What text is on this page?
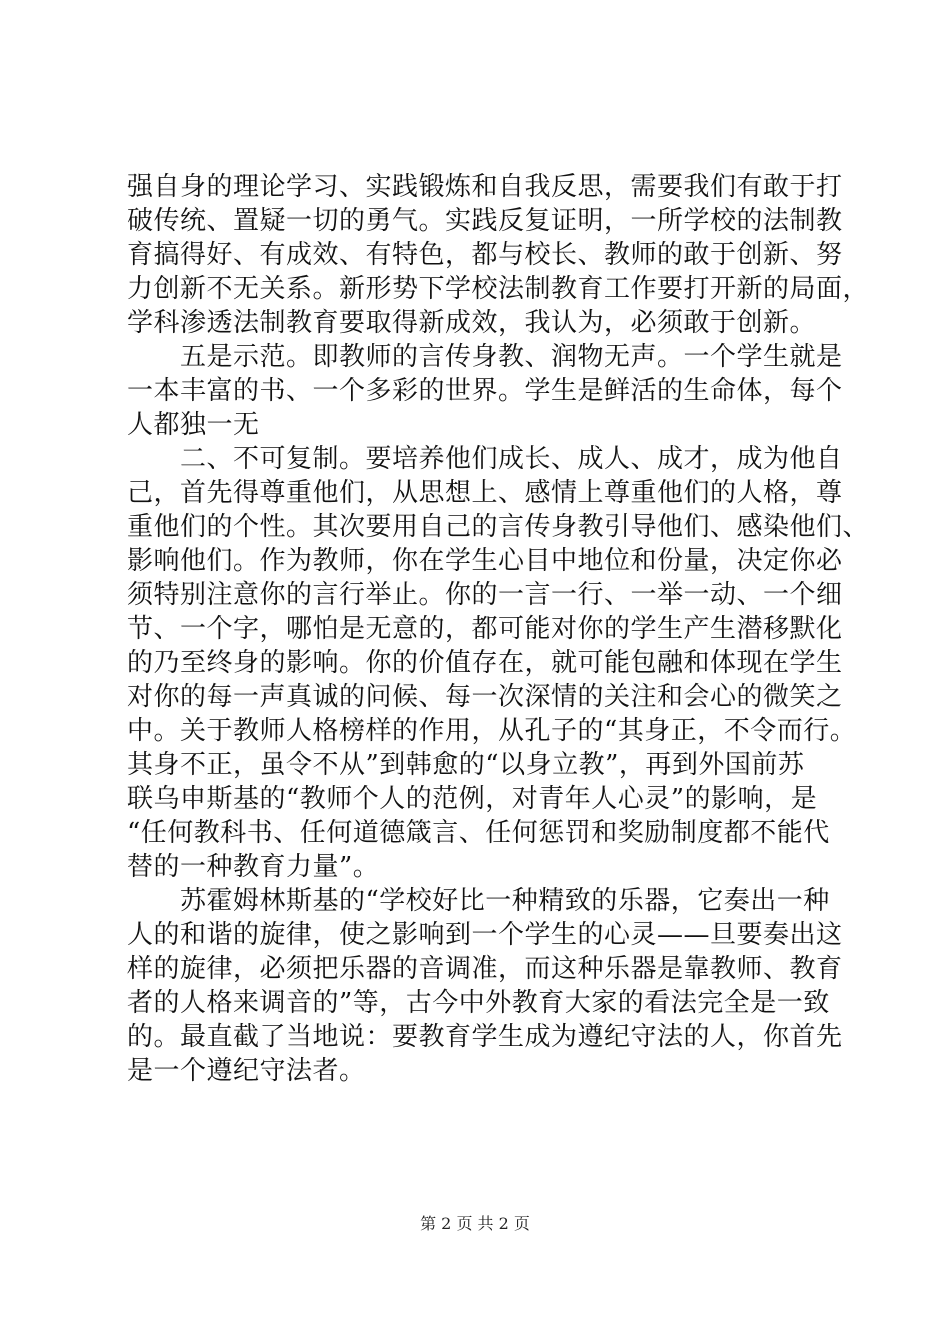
强自身的理论学习、实践锻炼和自我反思，需要我们有敢于打
破传统、置疑一切的勇气。实践反复证明，一所学校的法制教
育搞得好、有成效、有特色，都与校长、教师的敢于创新、努
力创新不无关系。新形势下学校法制教育工作要打开新的局面，
学科渗透法制教育要取得新成效，我认为，必须敢于创新。
　　五是示范。即教师的言传身教、润物无声。一个学生就是
一本丰富的书、一个多彩的世界。学生是鲜活的生命体，每个
人都独一无
　　二、不可复制。要培养他们成长、成人、成才，成为他自
己，首先得尊重他们，从思想上、感情上尊重他们的人格，尊
重他们的个性。其次要用自己的言传身教引导他们、感染他们、
影响他们。作为教师，你在学生心目中地位和份量，决定你必
须特别注意你的言行举止。你的一言一行、一举一动、一个细
节、一个字，哪怕是无意的，都可能对你的学生产生潜移默化
的乃至终身的影响。你的价值存在，就可能包融和体现在学生
对你的每一声真诚的问候、每一次深情的关注和会心的微笑之
中。关于教师人格榜样的作用，从孔子的“其身正，不令而行。
其身不正，虽令不从”到韩愈的“以身立教”，再到外国前苏
联乌申斯基的“教师个人的范例，对青年人心灵”的影响，是
“任何教科书、任何道德箴言、任何惩罚和奖励制度都不能代
替的一种教育力量”。
　　苏霍姆林斯基的“学校好比一种精致的乐器，它奏出一种
人的和谐的旋律，使之影响到一个学生的心灵——旦要奏出这
样的旋律，必须把乐器的音调准，而这种乐器是靠教师、教育
者的人格来调音的”等，古今中外教育大家的看法完全是一致
的。最直截了当地说：要教育学生成为遵纪守法的人，你首先
是一个遵纪守法者。
第 2 页 共 2 页
